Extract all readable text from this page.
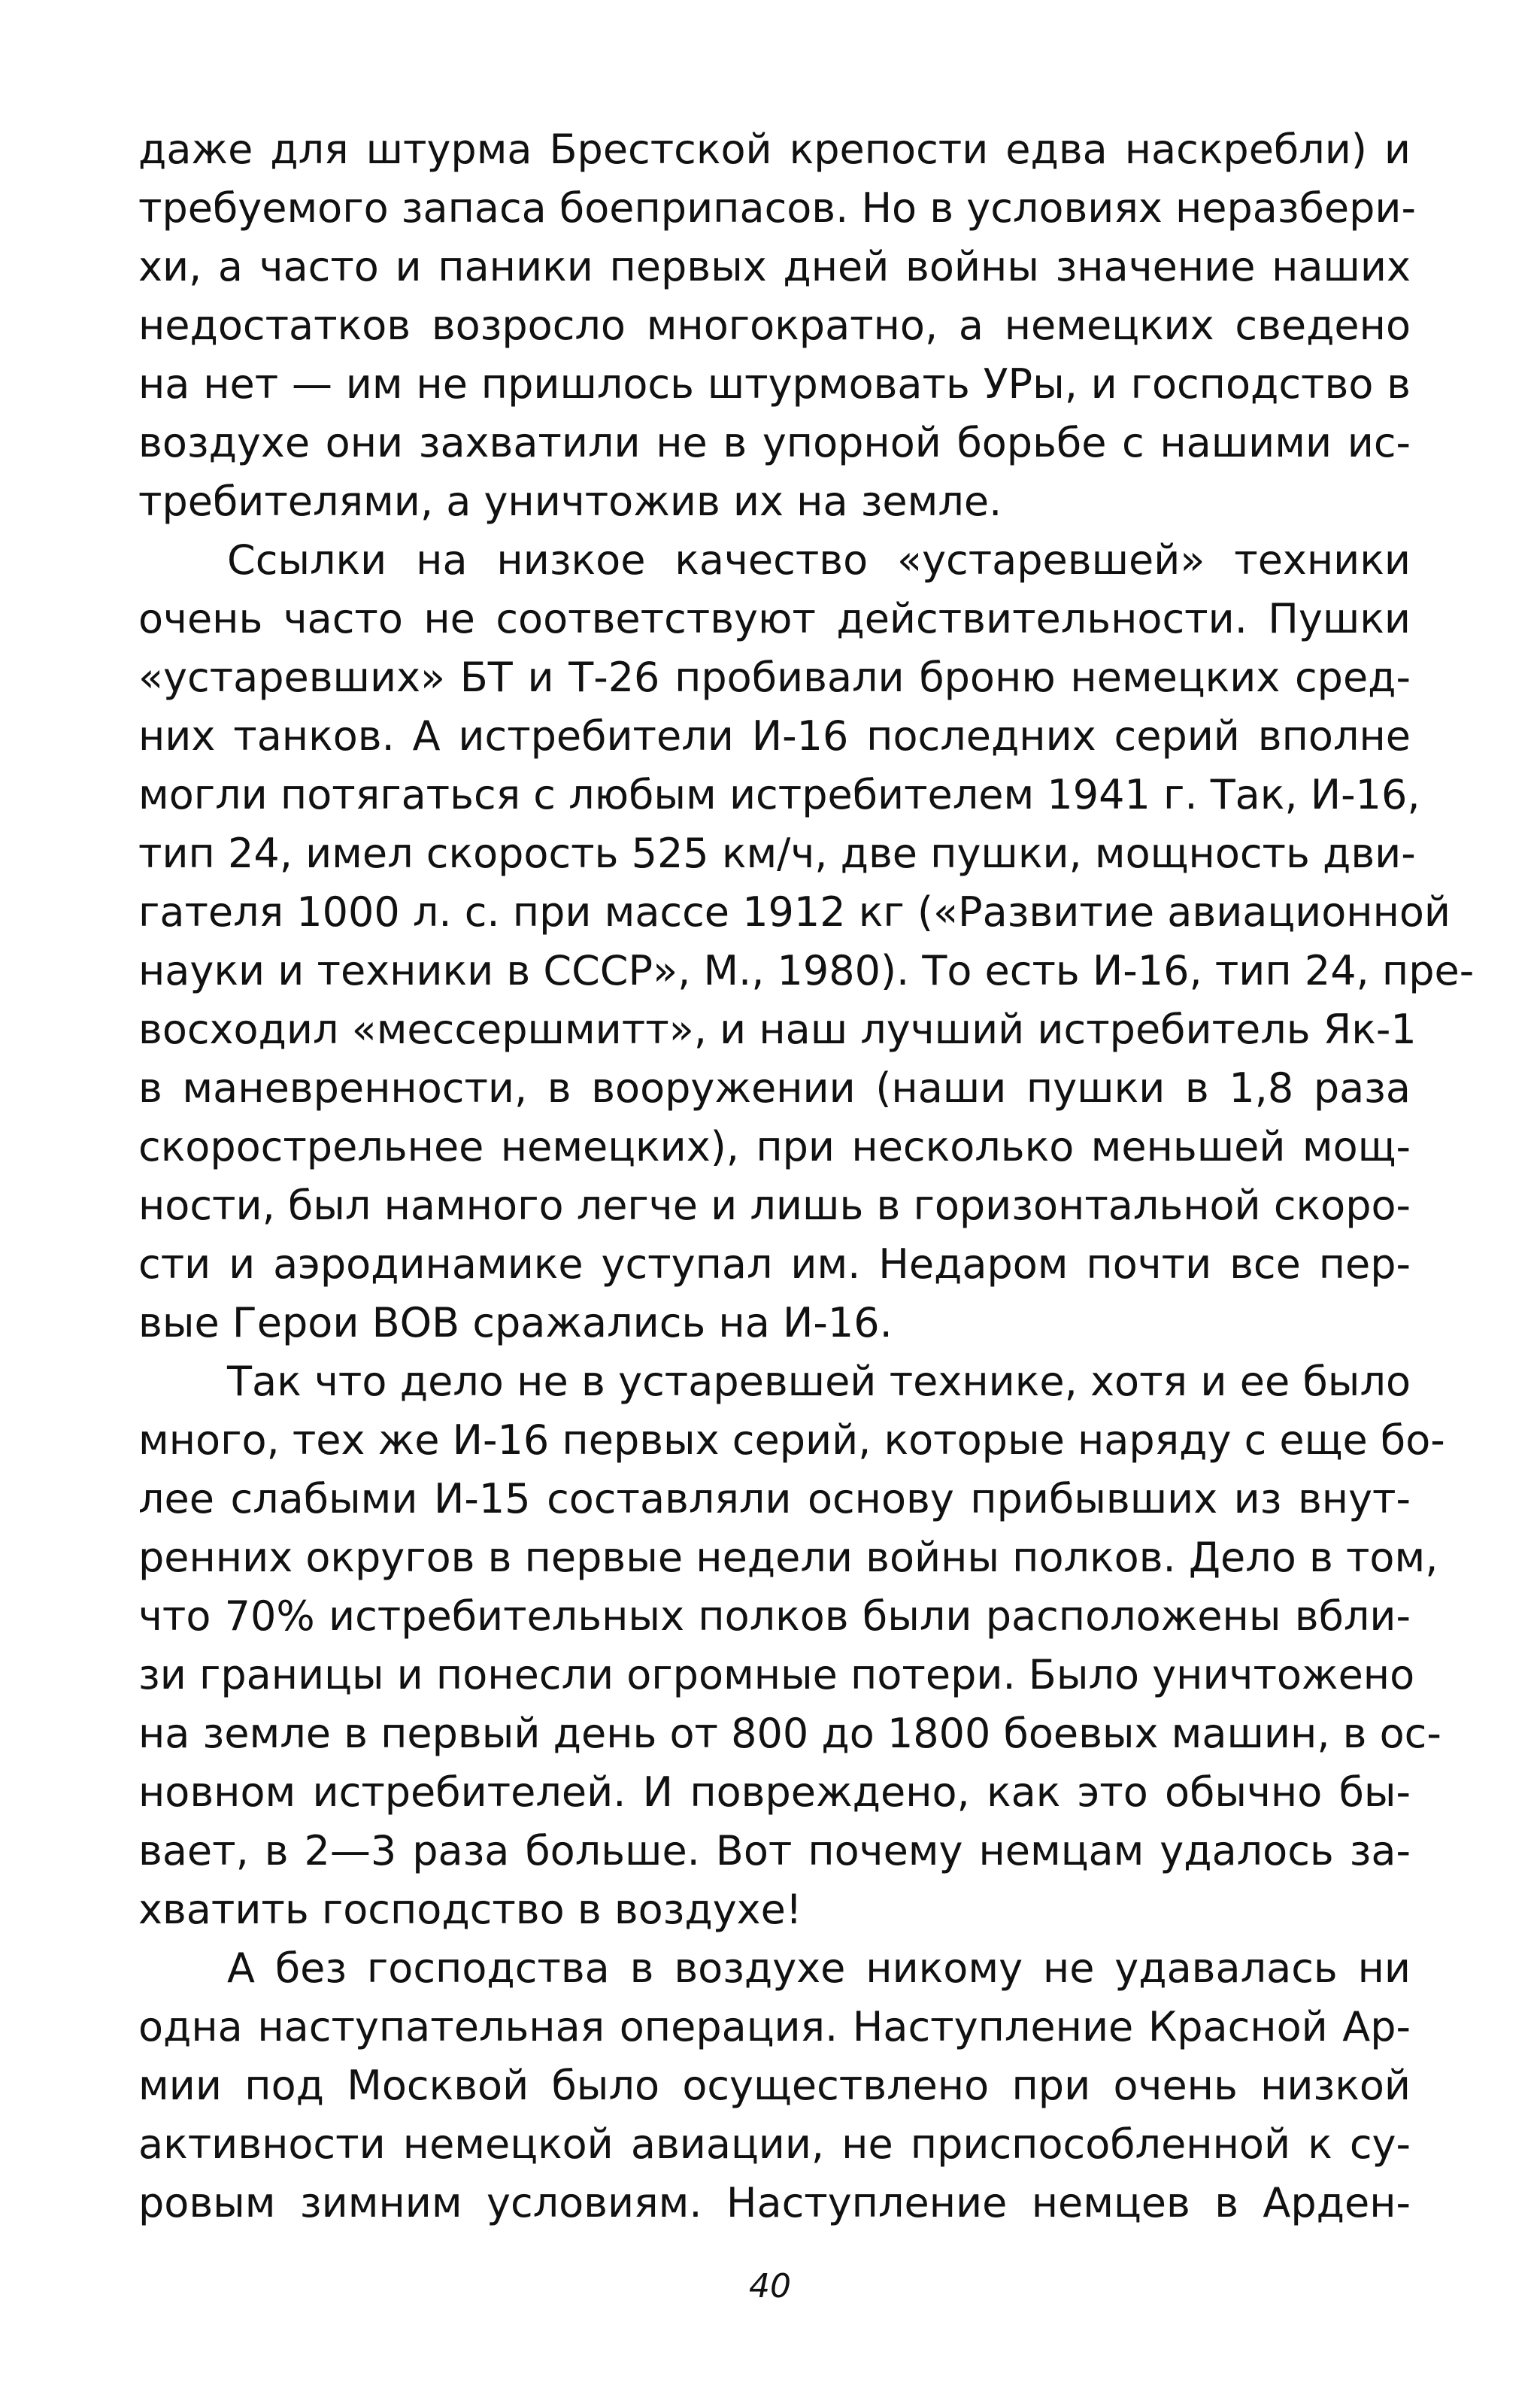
даже для штурма Брестской крепости едва наскребли) и
требуемого запаса боеприпасов. Но в условиях неразбери-
хи, а часто и паники первых дней войны значение наших
недостатков возросло многократно, а немецких сведено
на нет — им не пришлось штурмовать УРы, и господство в
воздухе они захватили не в упорной борьбе с нашими ис-
требителями, а уничтожив их на земле.
Ссылки на низкое качество «устаревшей» техники
очень часто не соответствуют действительности. Пушки
«устаревших» БТ и Т-26 пробивали броню немецких сред-
них танков. А истребители И-16 последних серий вполне
могли потягаться с любым истребителем 1941 г. Так, И-16,
тип 24, имел скорость 525 км/ч, две пушки, мощность дви-
гателя 1000 л. с. при массе 1912 кг («Развитие авиационной
науки и техники в СССР», М., 1980). То есть И-16, тип 24, пре-
восходил «мессершмитт», и наш лучший истребитель Як-1
в маневренности, в вооружении (наши пушки в 1,8 раза
скорострельнее немецких), при несколько меньшей мощ-
ности, был намного легче и лишь в горизонтальной скоро-
сти и аэродинамике уступал им. Недаром почти все пер-
вые Герои ВОВ сражались на И-16.
Так что дело не в устаревшей технике, хотя и ее было
много, тех же И-16 первых серий, которые наряду с еще бо-
лее слабыми И-15 составляли основу прибывших из внут-
ренних округов в первые недели войны полков. Дело в том,
что 70% истребительных полков были расположены вбли-
зи границы и понесли огромные потери. Было уничтожено
на земле в первый день от 800 до 1800 боевых машин, в ос-
новном истребителей. И повреждено, как это обычно бы-
вает, в 2—3 раза больше. Вот почему немцам удалось за-
хватить господство в воздухе!
А без господства в воздухе никому не удавалась ни
одна наступательная операция. Наступление Красной Ар-
мии под Москвой было осуществлено при очень низкой
активности немецкой авиации, не приспособленной к су-
ровым зимним условиям. Наступление немцев в Арден-
40
